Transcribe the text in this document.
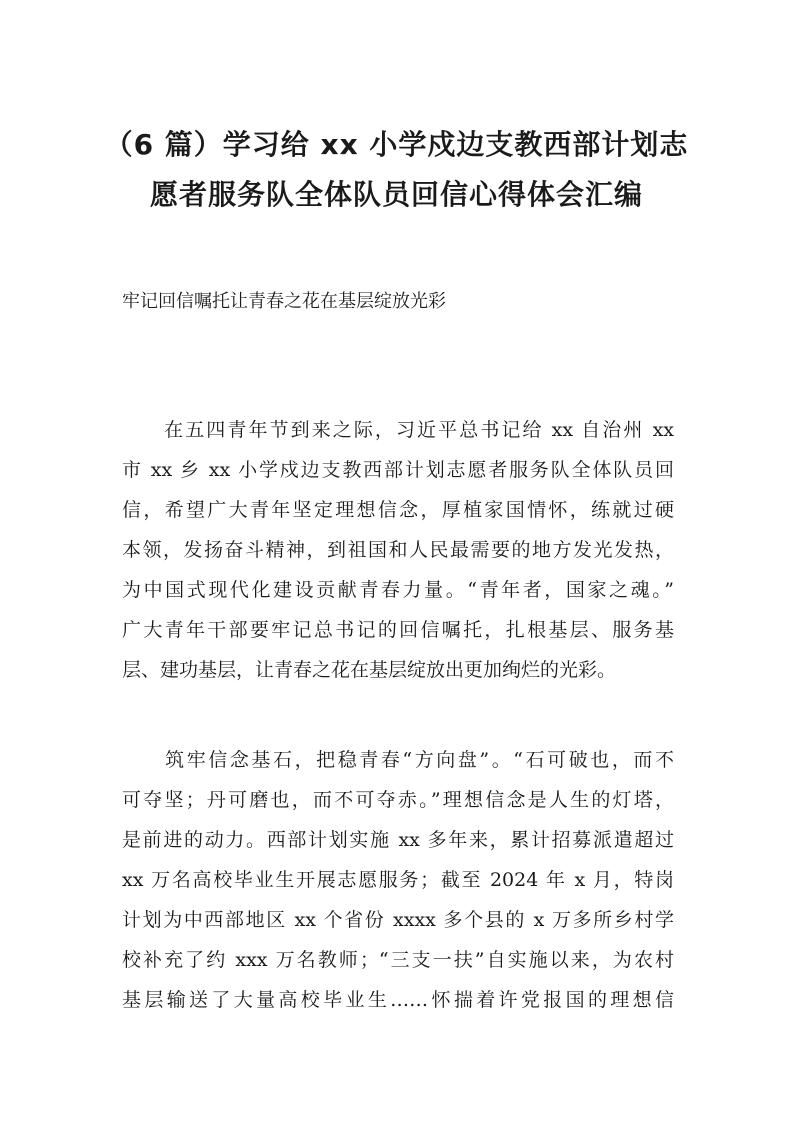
（6 篇）学习给 xx 小学戍边支教西部计划志
愿者服务队全体队员回信心得体会汇编
牢记回信嘱托让青春之花在基层绽放光彩
　　在五四青年节到来之际，习近平总书记给 xx 自治州 xx
市 xx 乡 xx 小学戍边支教西部计划志愿者服务队全体队员回
信，希望广大青年坚定理想信念，厚植家国情怀，练就过硬
本领，发扬奋斗精神，到祖国和人民最需要的地方发光发热，
为中国式现代化建设贡献青春力量。“青年者，国家之魂。”
广大青年干部要牢记总书记的回信嘱托，扎根基层、服务基
层、建功基层，让青春之花在基层绽放出更加绚烂的光彩。
　　筑牢信念基石，把稳青春“方向盘”。“石可破也，而不
可夺坚；丹可磨也，而不可夺赤。”理想信念是人生的灯塔，
是前进的动力。西部计划实施 xx 多年来，累计招募派遣超过
xx 万名高校毕业生开展志愿服务；截至 2024 年 x 月，特岗
计划为中西部地区 xx 个省份 xxxx 多个县的 x 万多所乡村学
校补充了约 xxx 万名教师；“三支一扶”自实施以来，为农村
基层输送了大量高校毕业生……怀揣着许党报国的理想信
